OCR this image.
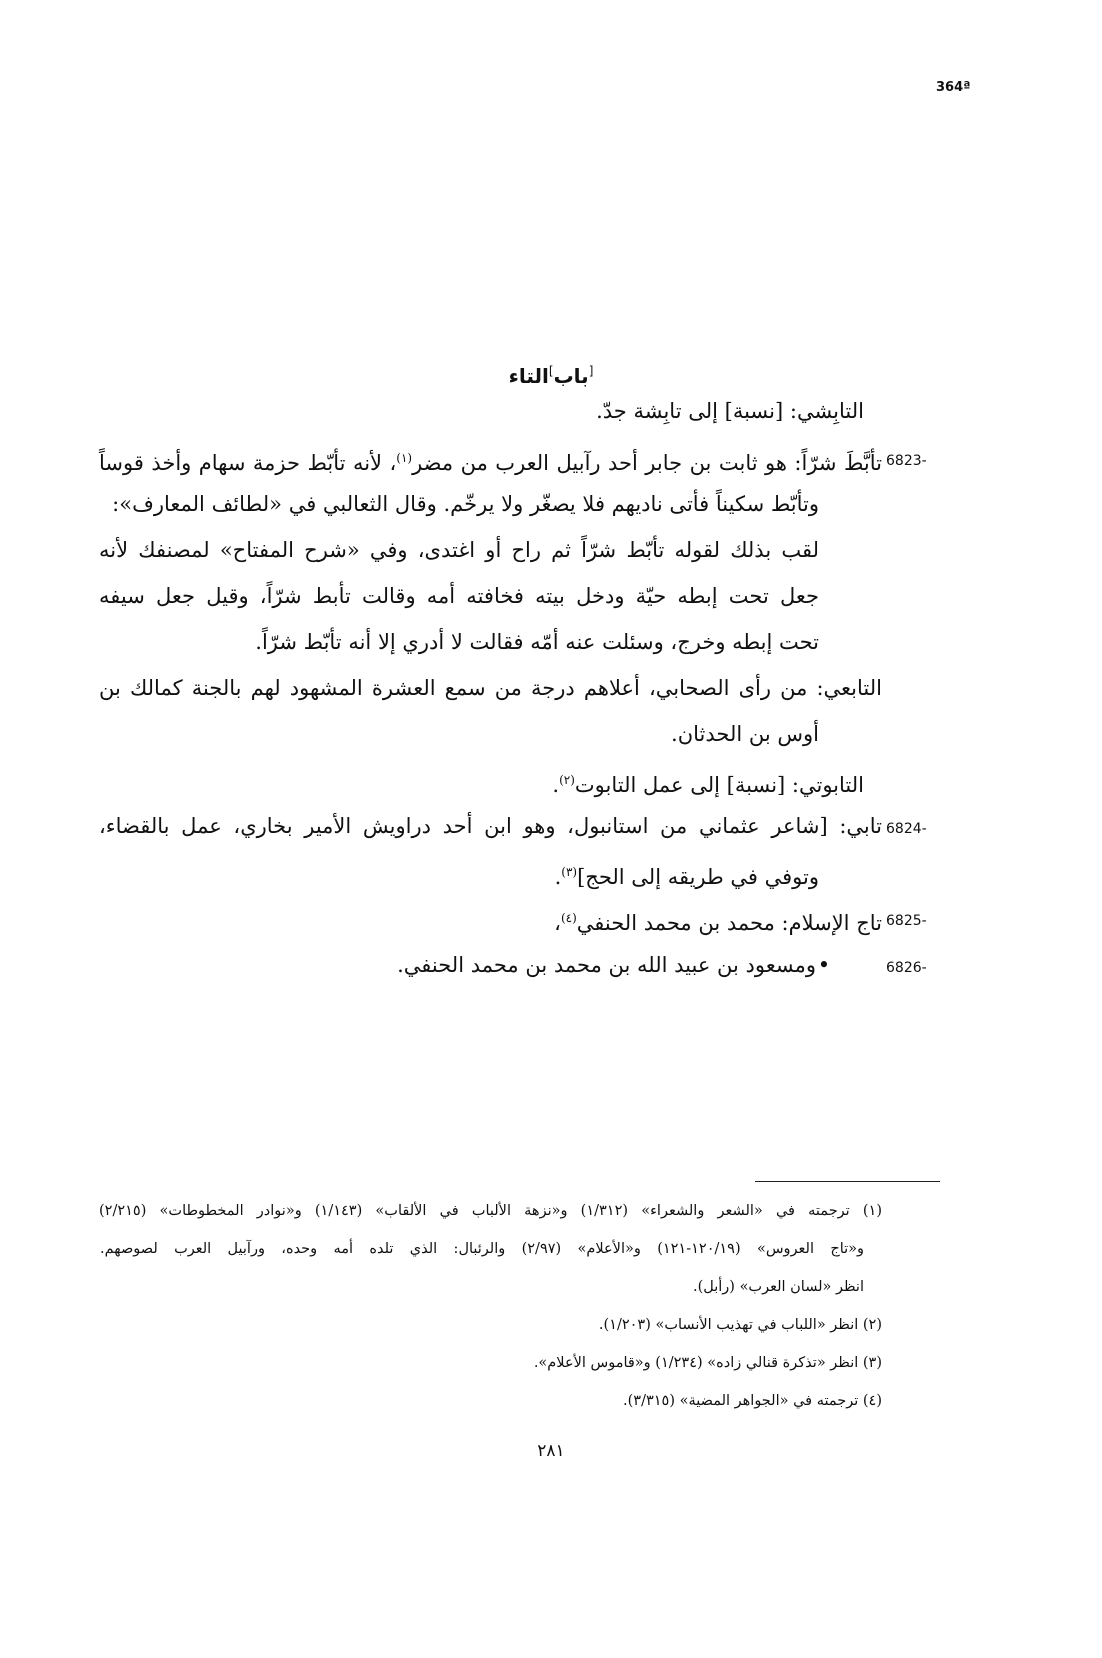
364ª
[باب]التاء
التابِشي: [نسبة] إلى تابِشة جدّ.
6823-
تأبَّطَ شرّاً: هو ثابت بن جابر أحد رآبيل العرب من مضر$^{(١)}$، لأنه تأبّط حزمة سهام وأخذ قوساً
وتأبّط سكيناً فأتى ناديهم فلا يصغّر ولا يرخّم. وقال الثعالبي في «لطائف المعارف»:
لقب بذلك لقوله تأبّط شرّاً ثم راح أو اغتدى، وفي «شرح المفتاح» لمصنفك لأنه
جعل تحت إبطه حيّة ودخل بيته فخافته أمه وقالت تأبط شرّاً، وقيل جعل سيفه
تحت إبطه وخرج، وسئلت عنه أمّه فقالت لا أدري إلا أنه تأبّط شرّاً.
التابعي: من رأى الصحابي، أعلاهم درجة من سمع العشرة المشهود لهم بالجنة كمالك بن
أوس بن الحدثان.
التابوتي: [نسبة] إلى عمل التابوت$^{(٢)}$.
6824-
تابي: [شاعر عثماني من استانبول، وهو ابن أحد دراويش الأمير بخاري، عمل بالقضاء،
وتوفي في طريقه إلى الحج]$^{(٣)}$.
6825-
تاج الإسلام: محمد بن محمد الحنفي$^{(٤)}$،
6826-
•ومسعود بن عبيد الله بن محمد بن محمد الحنفي.
(١) ترجمته في «الشعر والشعراء» (١/٣١٢) و«نزهة الألباب في الألقاب» (١/١٤٣) و«نوادر المخطوطات» (٢/٢١٥)
و«تاج العروس» (١٢٠/١٩-١٢١) و«الأعلام» (٢/٩٧) والرئبال: الذي تلده أمه وحده، ورآبيل العرب لصوصهم.
انظر «لسان العرب» (رأبل).
(٢) انظر «اللباب في تهذيب الأنساب» (١/٢٠٣).
(٣) انظر «تذكرة قنالي زاده» (١/٢٣٤) و«قاموس الأعلام».
(٤) ترجمته في «الجواهر المضية» (٣/٣١٥).
٢٨١
